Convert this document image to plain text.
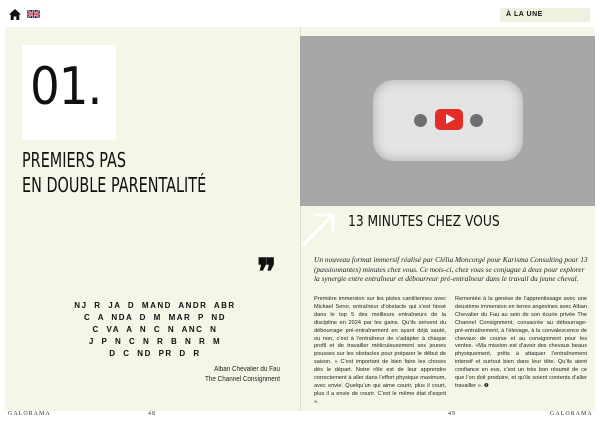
À LA UNE
01.
PREMIERS PAS
EN DOUBLE PARENTALITÉ
❞
NJ R JA D MAND ANDR ABR
C A NDA D M MAR P ND
C VA A N C N ANC N
J P N C N R B N R M
D C ND PR D R
Alban Chevalier du Fau
The Channel Consignment
GALORAMA	48
13 MINUTES CHEZ VOUS
Un nouveau format immersif réalisé par Clélia Moncorgé pour Karisma Consulting pour 13 (passionnantes) minutes chez vous. Ce mois-ci, chez vous se conjugue à deux pour explorer la synergie entre entraîneur et débourreur pré-entraîneur dans le travail du jeune cheval.
Première immersion sur les pistes cantiliennes avec Mickael Seror, entraîneur d’obstacle qui s’est hissé dans le top 5 des meilleurs entraîneurs de la discipline en 2024 par les gains. Qu’ils arrivent du débourrage pré-entraînement en ayant déjà sauté, ou non, c’est à l’entraîneur de s’adapter à chaque profil et de travailler méticuleusement ses jeunes pousses sur les obstacles pour préparer le début de saison. « C’est important de bien faire les choses dès le départ. Notre rôle est de leur apprendre correctement à aller dans l’effort physique maximum, avec envie. Quelqu’un qui aime courir, plus il court, plus il a envie de courir. C’est le même état d’esprit ».
Remontée à la genèse de l’apprentissage avec une deuxième immersion en terres angevines avec Alban Chevalier du Fau au sein de son écurie privée The Channel Consignment, consacrée au débourrage-pré-entraînement, à l’élevage, à la convalescence de chevaux de course et au consignment pour les ventes. «Ma mission est d’avoir des chevaux beaux physiquement, prêts à attaquer l’entraînement intensif et surtout bien dans leur tête. Qu’ils aient confiance en eux, c’est un très bon résumé de ce que l’on doit produire, et qu’ils soient contents d’aller travailler ». ❶
49	GALORAMA
